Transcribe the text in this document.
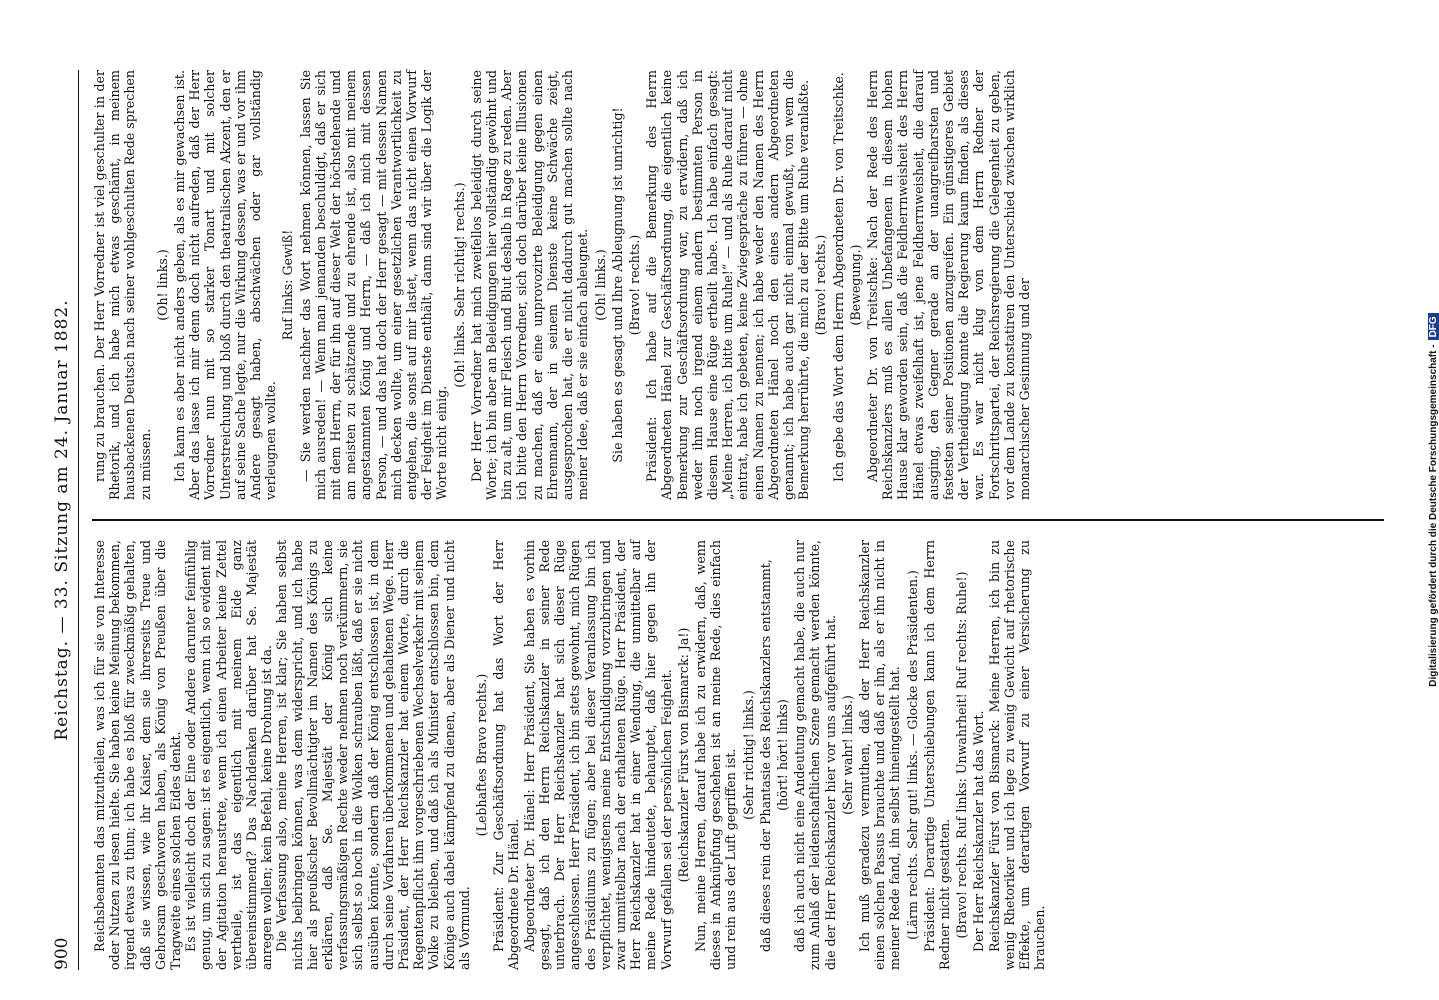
900
Reichstag. — 33. Sitzung am 24. Januar 1882.

Reichsbeamten das mitzutheilen, was ich für sie von Interesse oder Nutzen zu lesen hielte. Sie haben keine Meinung bekommen, irgend etwas zu thun; ich habe es bloß für zweckmäßig gehalten, daß sie wissen, wie ihr Kaiser, dem sie ihrerseits Treue und Gehorsam geschworen haben, als König von Preußen über die Tragweite eines solchen Eides denkt. Es ist vielleicht doch der Eine oder Andere darunter feinfühlig genug, um sich zu sagen: ist es eigentlich, wenn ich so evident mit der Agitation heraustrete, wenn ich einen Arbeiter keine Zettel vertheile, ist das eigentlich mit meinem Eide ganz übereinstimmend? Das Nachdenken darüber hat Se. Majestät anregen wollen; kein Befehl, keine Drohung ist da. Die Verfassung also, meine Herren, ist klar; Sie haben selbst nichts beibringen können, was dem widerspricht, und ich habe hier als preußischer Bevollmächtigter im Namen des Königs zu erklären, daß Se. Majestät der König sich keine verfassungsmäßigen Rechte weder nehmen noch verkümmern, sie sich selbst so hoch in die Wolken schrauben läßt, daß er sie nicht ausüben könnte, sondern daß der König entschlossen ist, in dem durch seine Vorfahren überkommenen und gehaltenen Wege. Herr Präsident, der Herr Reichskanzler hat einem Worte, durch die Regentenpflicht ihm vorgeschriebenen Wechselverkehr mit seinem Volke zu bleiben, und daß ich als Minister entschlossen bin, dem Könige auch dabei kämpfend zu dienen, aber als Diener und nicht als Vormund.

(Lebhaftes Bravo rechts.) Präsident: Zur Geschäftsordnung hat das Wort der Herr Abgeordnete Dr. Hänel. Abgeordneter Dr. Hänel: Herr Präsident, Sie haben es vorhin gesagt, daß ich den Herrn Reichskanzler in seiner Rede unterbrach. Der Herr Reichskanzler hat sich dieser Rüge angeschlossen. Herr Präsident, ich bin stets gewohnt, mich Rügen des Präsidiums zu fügen; aber bei dieser Veranlassung bin ich verpflichtet, wenigstens meine Entschuldigung vorzubringen und zwar unmittelbar nach der erhaltenen Rüge. Herr Präsident, der Herr Reichskanzler hat in einer Wendung, die unmittelbar auf meine Rede hindeutete, behauptet, daß hier gegen ihn der Vorwurf gefallen sei der persönlichen Feigheit. (Reichskanzler Fürst von Bismarck: Ja!) Nun, meine Herren, darauf habe ich zu erwidern, daß, wenn dieses in Anknüpfung geschehen ist an meine Rede, dies einfach und rein aus der Luft gegriffen ist. (Sehr richtig! links.) daß dieses rein der Phantasie des Reichskanzlers entstammt, (hört! hört! links) daß ich auch nicht eine Andeutung gemacht habe, die auch nur zum Anlaß der leidenschaftlichen Szene gemacht werden könnte, die der Herr Reichskanzler hier vor uns aufgeführt hat. (Sehr wahr! links.) Ich muß geradezu vermuthen, daß der Herr Reichskanzler einen solchen Passus brauchte und daß er ihn, als er ihn nicht in meiner Rede fand, ihn selbst hineingestellt hat. (Lärm rechts. Sehr gut! links. — Glocke des Präsidenten.) Präsident: Derartige Unterschiebungen kann ich dem Herrn Redner nicht gestatten. (Bravo! rechts. Ruf links: Unwahrheit! Ruf rechts: Ruhe!) Der Herr Reichskanzler hat das Wort. Reichskanzler Fürst von Bismarck: Meine Herren, ich bin zu wenig Rhetoriker und ich lege zu wenig Gewicht auf rhetorische Effekte, um derartigen Vorwurf zu einer Versicherung zu brauchen.

rung zu brauchen. Der Herr Vorredner ist viel geschulter in der Rhetorik, und ich habe mich etwas geschämt, in meinem hausbackenen Deutsch nach seiner wohlgeschulten Rede sprechen zu müssen.

(Oh! links.) Ich kann es aber nicht anders geben, als es mir gewachsen ist. Aber das lasse ich mir denn doch nicht aufreden, daß der Herr Vorredner nun mit so starker Tonart und mit solcher Unterstreichung und bloß durch den theatralischen Akzent, den er auf seine Sache legte, nur die Wirkung dessen, was er und vor ihm Andere gesagt haben, abschwächen oder gar vollständig verleugnen wollte.

Ruf links: Gewiß! — Sie werden nachher das Wort nehmen können, lassen Sie mich ausreden! — Wenn man jemanden beschuldigt, daß er sich mit dem Herrn, der für ihn auf dieser Welt der höchstehende und am meisten zu schätzende und zu ehrende ist, also mit meinem angestammten König und Herrn, — daß ich mich mit dessen Person, — und das hat doch der Herr gesagt — mit dessen Namen mich decken wollte, um einer gesetzlichen Verantwortlichkeit zu entgehen, die sonst auf mir lastet, wenn das nicht einen Vorwurf der Feigheit im Dienste enthält, dann sind wir über die Logik der Worte nicht einig.

(Oh! links. Sehr richtig! rechts.) Der Herr Vorredner hat mich zweifellos beleidigt durch seine Worte; ich bin aber an Beleidigungen hier vollständig gewöhnt und bin zu alt, um mir Fleisch und Blut deshalb in Rage zu reden. Aber ich bitte den Herrn Vorredner, sich doch darüber keine Illusionen zu machen, daß er eine unprovozirte Beleidigung gegen einen Ehrenmann, der in seinem Dienste keine Schwäche zeigt, ausgesprochen hat, die er nicht dadurch gut machen sollte nach meiner Idee, daß er sie einfach ableugnet. (Oh! links.) Sie haben es gesagt und Ihre Ableugnung ist unrichtig! (Bravo! rechts.) Präsident: Ich habe auf die Bemerkung des Herrn Abgeordneten Hänel zur Geschäftsordnung, die eigentlich keine Bemerkung zur Geschäftsordnung war, zu erwidern, daß ich weder ihm noch irgend einem andern bestimmten Person in diesem Hause eine Rüge ertheilt habe. Ich habe einfach gesagt: „Meine Herren, ich bitte um Ruhe!“ — und als Ruhe darauf nicht eintrat, habe ich gebeten, keine Zwiegespräche zu führen — ohne einen Namen zu nennen; ich habe weder den Namen des Herrn Abgeordneten Hänel noch den eines andern Abgeordneten genannt; ich habe auch gar nicht einmal gewußt, von wem die Bemerkung herrührte, die mich zu der Bitte um Ruhe veranlaßte. (Bravo! rechts.) Ich gebe das Wort dem Herrn Abgeordneten Dr. von Treitschke. (Bewegung.) Abgeordneter Dr. von Treitschke: Nach der Rede des Herrn Reichskanzlers muß es allen Unbefangenen in diesem hohen Hause klar geworden sein, daß die Feldherrnweisheit des Herrn Hänel etwas zweifelhaft ist, jene Feldherrnweisheit, die darauf ausging, den Gegner gerade an der unangreifbarsten und festesten seiner Positionen anzugreifen. Ein günstigeres Gebiet der Vertheidigung konnte die Regierung kaum finden, als dieses war. Es war nicht klug von dem Herrn Redner der Fortschrittspartei, der Reichsregierung die Gelegenheit zu geben, vor dem Lande zu konstatiren den Unterschied zwischen wirklich monarchischer Gesinnung und der	Digitalisierung gefördert durch die Deutsche Forschungsgemeinschaft -DFG
